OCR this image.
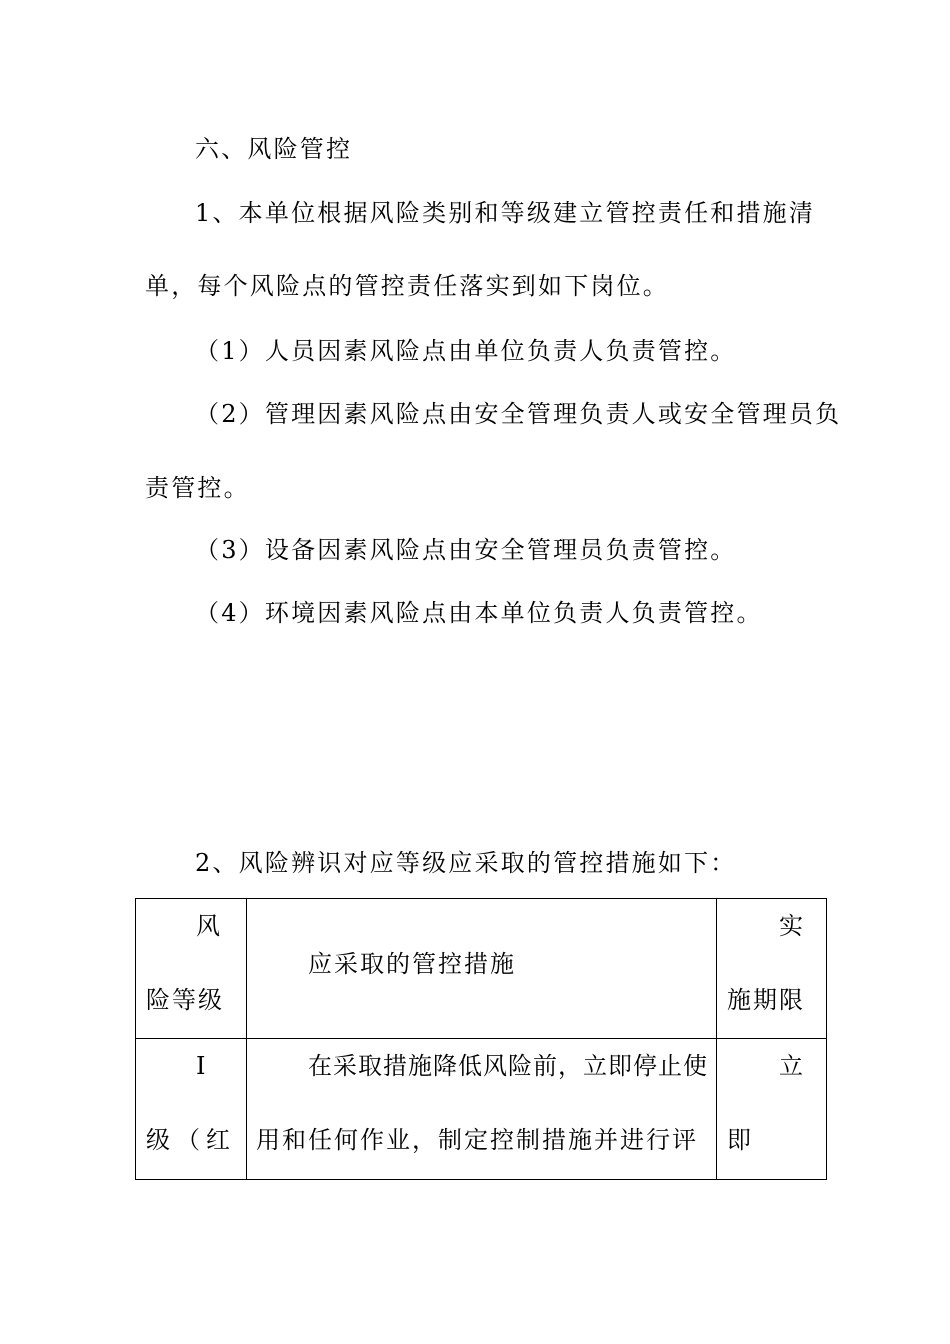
六、风险管控

1、本单位根据风险类别和等级建立管控责任和措施清

单，每个风险点的管控责任落实到如下岗位。

（1）人员因素风险点由单位负责人负责管控。

（2）管理因素风险点由安全管理负责人或安全管理员负

责管控。

（3）设备因素风险点由安全管理员负责管控。

（4）环境因素风险点由本单位负责人负责管控。

2、风险辨识对应等级应采取的管控措施如下：

风
险等级
应采取的管控措施
实
施期限
I
级（红
在采取措施降低风险前，立即停止使
用和任何作业，制定控制措施并进行评
立
即
